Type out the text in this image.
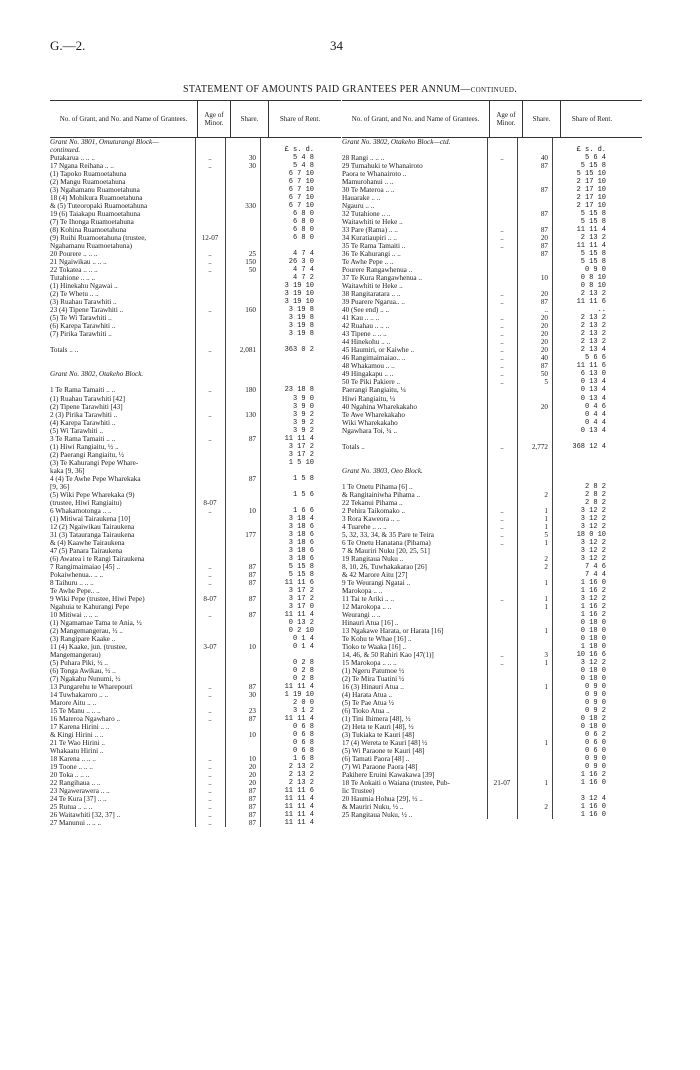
G.—2.	34
STATEMENT OF AMOUNTS PAID GRANTEES PER ANNUM—continued.
No. of Grant, and No. and Name of Grantees.	Age of Minor.	Share.	Share of Rent.
Grant No. 3801, Omuturangi Block—
continued.	£ s. d.
Putakarua .. .. ..	..	30	5 4 8
17 Ngana Reihana .. ..	..	30	5 4 8
(1) Tapoko Ruamoetahuna	6 7 10
(2) Mangu Ruamoetahuna	6 7 10
(3) Ngahamanu Ruamoetahuna	6 7 10
18 (4) Mohikura Ruamoetahuna	6 7 10
& (5) Tuteoropaki Ruamoetahuna	330	6 7 10
19 (6) Taiakapu Ruamoetahuna	6 8 0
(7) Te Ihonga Ruamoetahuna	6 8 0
(8) Kohina Ruamoetahuna	6 8 0
(9) Ruihi Ruamoetahuna (trustee,	12-07	6 8 0
Ngahamanu Ruamoetahuna)
20 Pourere .. .. ..	..	25	4 7 4
21 Ngaiwikau .. .. ..	..	150	26 3 0
22 Tokatea .. .. ..	..	50	4 7 4
Tutahione .. .. ..	4 7 2
(1) Hinekahu Ngawai ..	3 19 10
(2) Te Whetu .. ..	3 19 10
(3) Ruahau Tarawhiti ..	3 19 10
23 (4) Tipene Tarawhiti ..	..	160	3 19 8
(5) Te Wi Tarawhiti ..	3 19 8
(6) Karepa Tarawhiti ..	3 19 8
(7) Pirika Tarawhiti ..	3 19 8
Totals .. ..	..	2,081	363 0 2
Grant No. 3802, Otakeho Block.
1 Te Rama Tamaiti .. ..	..	180	23 18 8
(1) Ruahau Tarawhiti [42]	3 9 0
(2) Tipene Tarawhiti [43]	3 9 0
2 (3) Pirika Tarawhiti ..	..	130	3 9 2
(4) Karepa Tarawhiti ..	3 9 2
(5) Wi Tarawhiti ..	3 9 2
3 Te Rama Tamaiti .. ..	..	87	11 11 4
(1) Hiwi Rangiaitu, ½ ..	3 17 2
(2) Paerangi Rangiaitu, ½	3 17 2
(3) Te Kahurangi Pepe Whare-	1 5 10
kaka [9, 36]
4 (4) Te Awhe Pepe Wharekaka	87	1 5 8
[9, 36]
(5) Wiki Pepe Wharekaka (9)	1 5 6
(trustee, Hiwi Rangiaitu)	8-07
6 Whakamotonga .. ..	..	10	1 6 6
(1) Mitiwai Tairaukena [10]	3 18 4
12 (2) Ngaiwikau Tairaukena	3 18 6
31 (3) Tatauranga Tairaukena	177	3 18 6
& (4) Kaawhe Tairaukena	3 18 6
47 (5) Panara Tairaukena	3 18 6
(6) Awatea i te Rangi Tairaukena	3 18 6
7 Rangimaimaiao [45] ..	..	87	5 15 8
Pokaiwhenua.. .. ..	..	87	5 15 8
8 Taihuru .. .. ..	..	87	11 11 6
Te Awhe Pepe.. ..	3 17 2
9 Wiki Pepe (trustee, Hiwi Pepe)	8-07	87	3 17 2
Ngahuia te Kahurangi Pepe	3 17 0
10 Mitiwai .. .. ..	..	87	11 11 4
(1) Ngamamae Tama te Ania, ½	0 13 2
(2) Mangemangerau, ½ ..	0 2 10
(3) Rangipare Kaake ..	0 1 4
11 (4) Kaake, jun. (trustee,	3-07	10	0 1 4
Mangemangerau)
(5) Puhara Piki, ½ ..	0 2 8
(6) Tonga Awikau, ½ ..	0 2 8
(7) Ngakahu Nunumi, ½	0 2 8
13 Pungarehu te Wharepouri	..	87	11 11 4
14 Tuwhakaroro .. ..	..	30	1 19 10
Marore Aitu .. ..	2 0 0
15 Te Manu .. .. ..	..	23	3 1 2
16 Materoa Ngawharo ..	..	87	11 11 4
17 Karena Hirini .. ..	0 6 8
& Kingi Hirini .. ..	10	0 6 8
21 Te Wao Hirini ..	0 6 8
Whakaatu Hirini ..	0 6 8
18 Karena .. .. ..	..	10	1 6 8
19 Toone .. .. ..	..	20	2 13 2
20 Toka .. .. ..	..	20	2 13 2
22 Rangihaua .. ..	..	20	2 13 2
23 Ngawerawera .. ..	..	87	11 11 6
24 Te Kura [37] .. ..	..	87	11 11 4
25 Rutua .. .. ..	..	87	11 11 4
26 Waitawhiti [32, 37] ..	..	87	11 11 4
27 Manunui .. .. ..	..	87	11 11 4
No. of Grant, and No. and Name of Grantees.	Age of Minor.	Share.	Share of Rent.
Grant No. 3802, Otakeho Block—ctd.
£ s. d.
28 Rangi .. .. ..	..	40	5 6 4
29 Tumahuki te Whanairoto	87	5 15 8
Paora te Whanairoto ..	5 15 10
Mamurohanui .. ..	2 17 10
30 Te Materoa .. ..	87	2 17 10
Hauarake .. ..	2 17 10
Ngauru .. ..	2 17 10
32 Tutahione .. ..	87	5 15 8
Waitawhiti te Heke ..	5 15 8
33 Pare (Rama) .. ..	..	87	11 11 4
34 Kuratiaupiri .. ..	..	20	2 13 2
35 Te Rama Tamaiti ..	..	87	11 11 4
36 Te Kahurangi .. ..	87	5 15 8
Te Awhe Pepe .. ..	5 15 8
Pourere Rangawhenua ..	0 9 0
37 Te Kura Rangawhenua ..	10	0 8 10
Waitawhiti te Heke ..	0 8 10
38 Rangitaratara .. ..	..	20	2 13 2
39 Puarere Ngarua.. ..	..	87	11 11 6
40 (See end) .. ..	..	..
41 Kau .. .. ..	..	20	2 13 2
42 Ruahau .. .. ..	..	20	2 13 2
43 Tipene .. .. ..	..	20	2 13 2
44 Hinekohu .. ..	..	20	2 13 2
45 Haumiri, or Kaiwhe ..	..	20	2 13 4
46 Rangimaimaiao.. ..	..	40	5 6 6
48 Whakamou .. ..	..	87	11 11 6
49 Hingakapu .. ..	..	50	6 13 0
50 Te Piki Pakiere ..	..	5	0 13 4
Paerangi Rangiaitu, ¼	0 13 4
Hiwi Rangiaitu, ¼	0 13 4
40 Ngahina Wharekakaho	20	0 4 6
Te Awe Wharekakaho	0 4 4
Wiki Wharekakaho	0 4 4
Ngawhara Toi, ¼ ..	0 13 4
Totals ..	..	2,772	368 12 4
Grant No. 3803, Oeo Block.
1 Te Onetu Pihama [6] ..	2 8 2
& Rangitainiwha Pihama ..	2	2 8 2
22 Tekanui Pihama ..	2 8 2
2 Pehira Taikomako ..	..	1	3 12 2
3 Rora Kaweora .. ..	..	1	3 12 2
4 Tuarehe .. .. ..	..	1	3 12 2
5, 32, 33, 34, & 35 Pare te Teira	..	5	18 0 10
6 Te Onetu Hanatana (Pihama)	..	1	3 12 2
7 & Mauriri Nuku [20, 25, 51]	3 12 2
19 Rangitaua Nuku ..	2	3 12 2
8, 10, 26, Tuwhakakarao [26]	2	7 4 6
& 42 Marore Aitu [27]	7 4 4
9 Te Weurangi Ngatai ..	1	1 16 0
Marokopa .. ..	1 16 2
11 Tai te Ariki .. ..	..	1	3 12 2
12 Marokopa .. ..	1	1 16 2
Weurangi .. ..	1 16 2
Hinauri Atua [16] ..	0 18 0
13 Ngakawe Harata, or Harata [16]	1	0 18 0
Te Kohu te Whae [16] ..	0 18 0
Tioko te Waaka [16] ..	1 18 0
14, 46, & 50 Rahiri Kao [47(1)]	..	3	10 16 6
15 Marokopa .. .. ..	..	1	3 12 2
(1) Ngeru Patumoe ½	0 18 0
(2) Te Mira Tuatini ½	0 18 0
16 (3) Hinauri Atua ..	1	0 9 0
(4) Harata Atua ..	0 9 0
(5) Te Pae Atua ½	0 9 0
(6) Tioko Atua ..	0 9 2
(1) Tini Ihimera [48], ½	0 18 2
(2) Heta te Kauri [48], ½	0 18 0
(3) Tukiaka te Kauri [48]	0 6 2
17 (4) Wereta te Kauri [48] ½	1	0 6 0
(5) Wi Paraone te Kauri [48]	0 6 0
(6) Tamati Paora [48] ..	0 9 0
(7) Wi Paraone Paora [48]	0 9 0
Pakihere Eruini Kawakawa [39]	1 16 2
18 Te Aokaiti o Waiana (trustee, Pub-	21-07	1	1 16 0
lic Trustee)
20 Haumia Hohua [29], ½ ..	3 12 4
& Mauriri Nuku, ½ ..	2	1 16 0
25 Rangitaua Nuku, ½ ..	1 16 0
